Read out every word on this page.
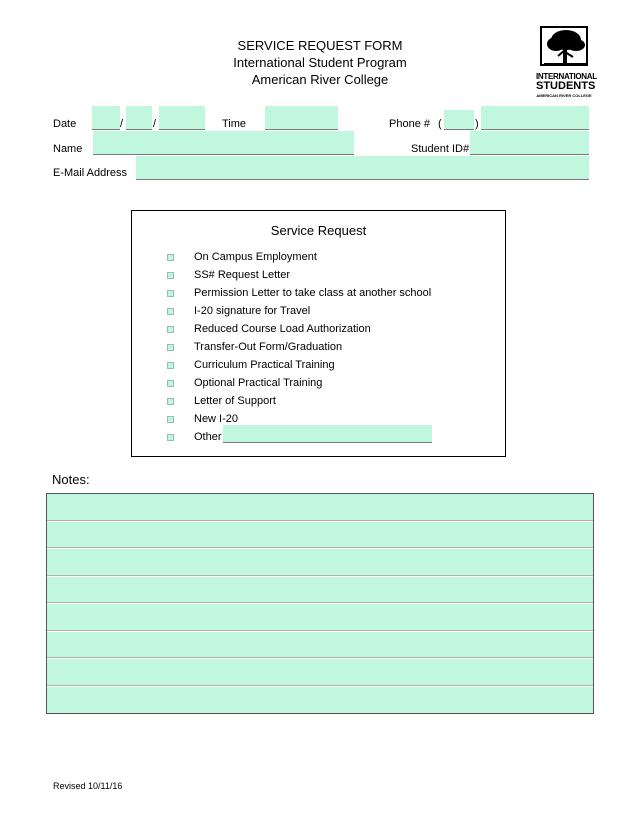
SERVICE REQUEST FORM
International Student Program
American River College	INTERNATIONAL
STUDENTS
AMERICAN RIVER COLLEGE
Date	/	/	Time	Phone # (	)
Name	Student ID#
E-Mail Address
Service Request
On Campus Employment
SS# Request Letter
Permission Letter to take class at another school
I-20 signature for Travel
Reduced Course Load Authorization
Transfer-Out Form/Graduation
Curriculum Practical Training
Optional Practical Training
Letter of Support
New I-20
Other
Notes:
Revised 10/11/16
